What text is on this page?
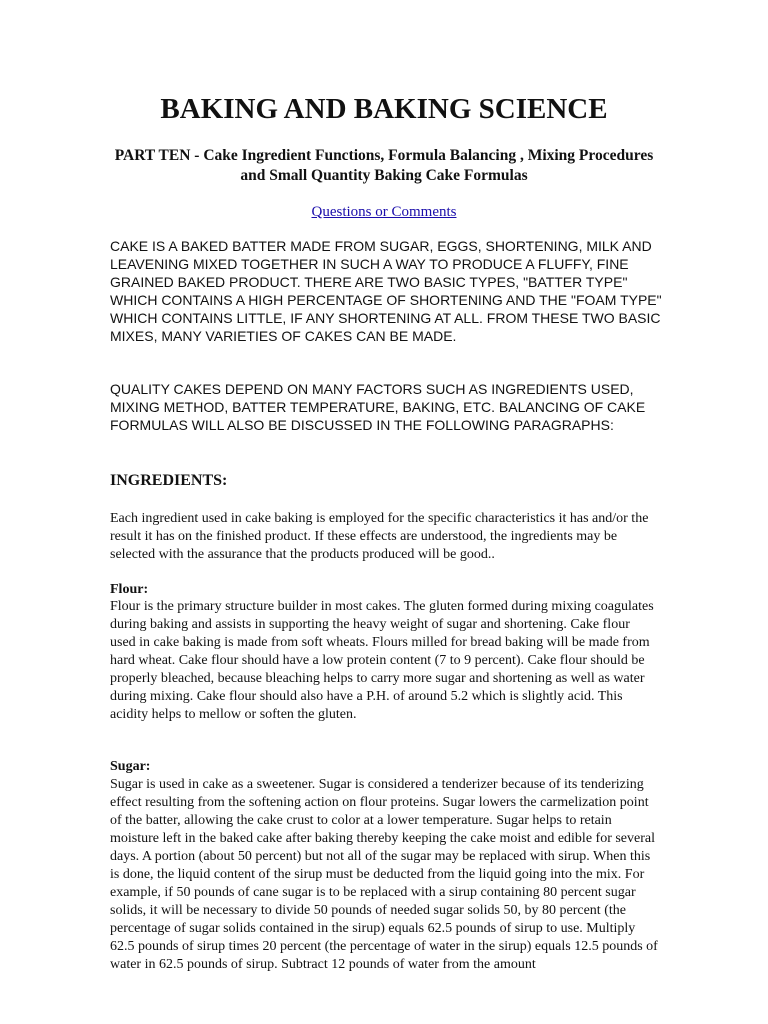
BAKING AND BAKING SCIENCE
PART TEN - Cake Ingredient Functions, Formula Balancing , Mixing Procedures and Small Quantity Baking Cake Formulas
Questions or Comments

CAKE IS A BAKED BATTER MADE FROM SUGAR, EGGS, SHORTENING, MILK AND LEAVENING MIXED TOGETHER IN SUCH A WAY TO PRODUCE A FLUFFY, FINE GRAINED BAKED PRODUCT. THERE ARE TWO BASIC TYPES, "BATTER TYPE" WHICH CONTAINS A HIGH PERCENTAGE OF SHORTENING AND THE "FOAM TYPE" WHICH CONTAINS LITTLE, IF ANY SHORTENING AT ALL. FROM THESE TWO BASIC MIXES, MANY VARIETIES OF CAKES CAN BE MADE.

QUALITY CAKES DEPEND ON MANY FACTORS SUCH AS INGREDIENTS USED, MIXING METHOD, BATTER TEMPERATURE, BAKING, ETC. BALANCING OF CAKE FORMULAS WILL ALSO BE DISCUSSED IN THE FOLLOWING PARAGRAPHS:

INGREDIENTS:

Each ingredient used in cake baking is employed for the specific characteristics it has and/or the result it has on the finished product. If these effects are understood, the ingredients may be selected with the assurance that the products produced will be good..

Flour:

Flour is the primary structure builder in most cakes. The gluten formed during mixing coagulates during baking and assists in supporting the heavy weight of sugar and shortening. Cake flour used in cake baking is made from soft wheats. Flours milled for bread baking will be made from hard wheat. Cake flour should have a low protein content (7 to 9 percent). Cake flour should be properly bleached, because bleaching helps to carry more sugar and shortening as well as water during mixing. Cake flour should also have a P.H. of around 5.2 which is slightly acid. This acidity helps to mellow or soften the gluten.

Sugar:

Sugar is used in cake as a sweetener. Sugar is considered a tenderizer because of its tenderizing effect resulting from the softening action on flour proteins. Sugar lowers the carmelization point of the batter, allowing the cake crust to color at a lower temperature. Sugar helps to retain moisture left in the baked cake after baking thereby keeping the cake moist and edible for several days. A portion (about 50 percent) but not all of the sugar may be replaced with sirup. When this is done, the liquid content of the sirup must be deducted from the liquid going into the mix. For example, if 50 pounds of cane sugar is to be replaced with a sirup containing 80 percent sugar solids, it will be necessary to divide 50 pounds of needed sugar solids 50, by 80 percent (the percentage of sugar solids contained in the sirup) equals 62.5 pounds of sirup to use. Multiply 62.5 pounds of sirup times 20 percent (the percentage of water in the sirup) equals 12.5 pounds of water in 62.5 pounds of sirup. Subtract 12 pounds of water from the amount
